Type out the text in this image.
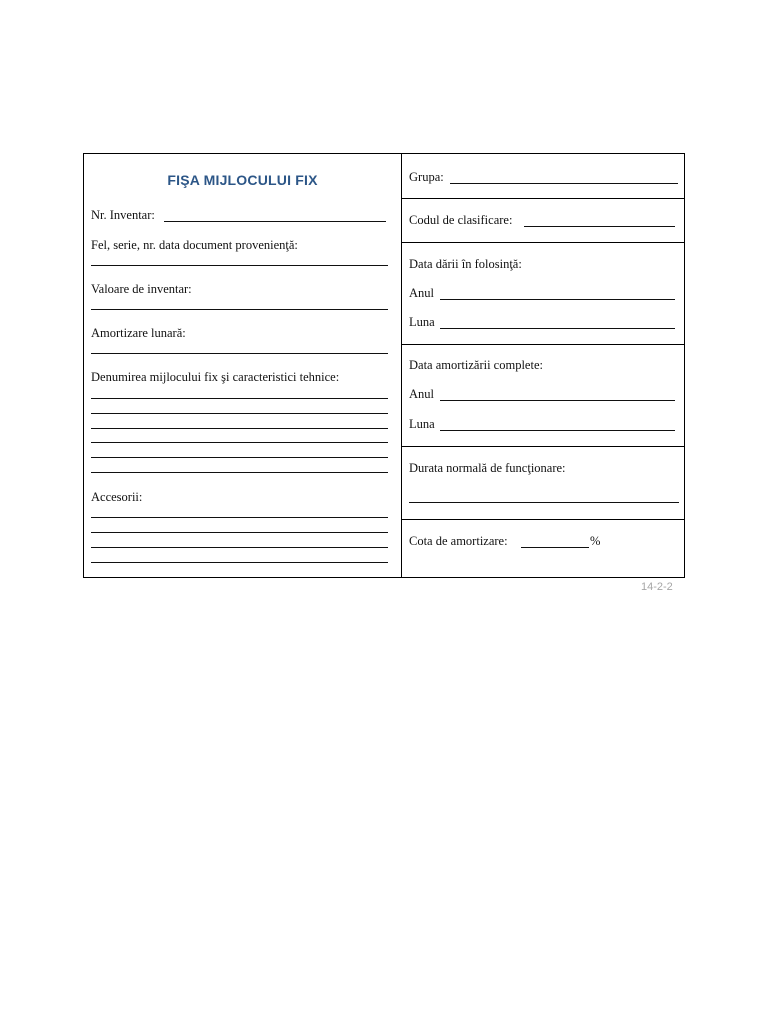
FIŞA MIJLOCULUI FIX
Nr. Inventar:
Fel, serie, nr. data document provenienţă:
Valoare de inventar:
Amortizare lunară:
Denumirea mijlocului fix şi caracteristici tehnice:
Accesorii:
Grupa:
Codul de clasificare:
Data dării în folosinţă:
Anul
Luna
Data amortizării complete:
Anul
Luna
Durata normală de funcţionare:
Cota de amortizare:	%
14-2-2
